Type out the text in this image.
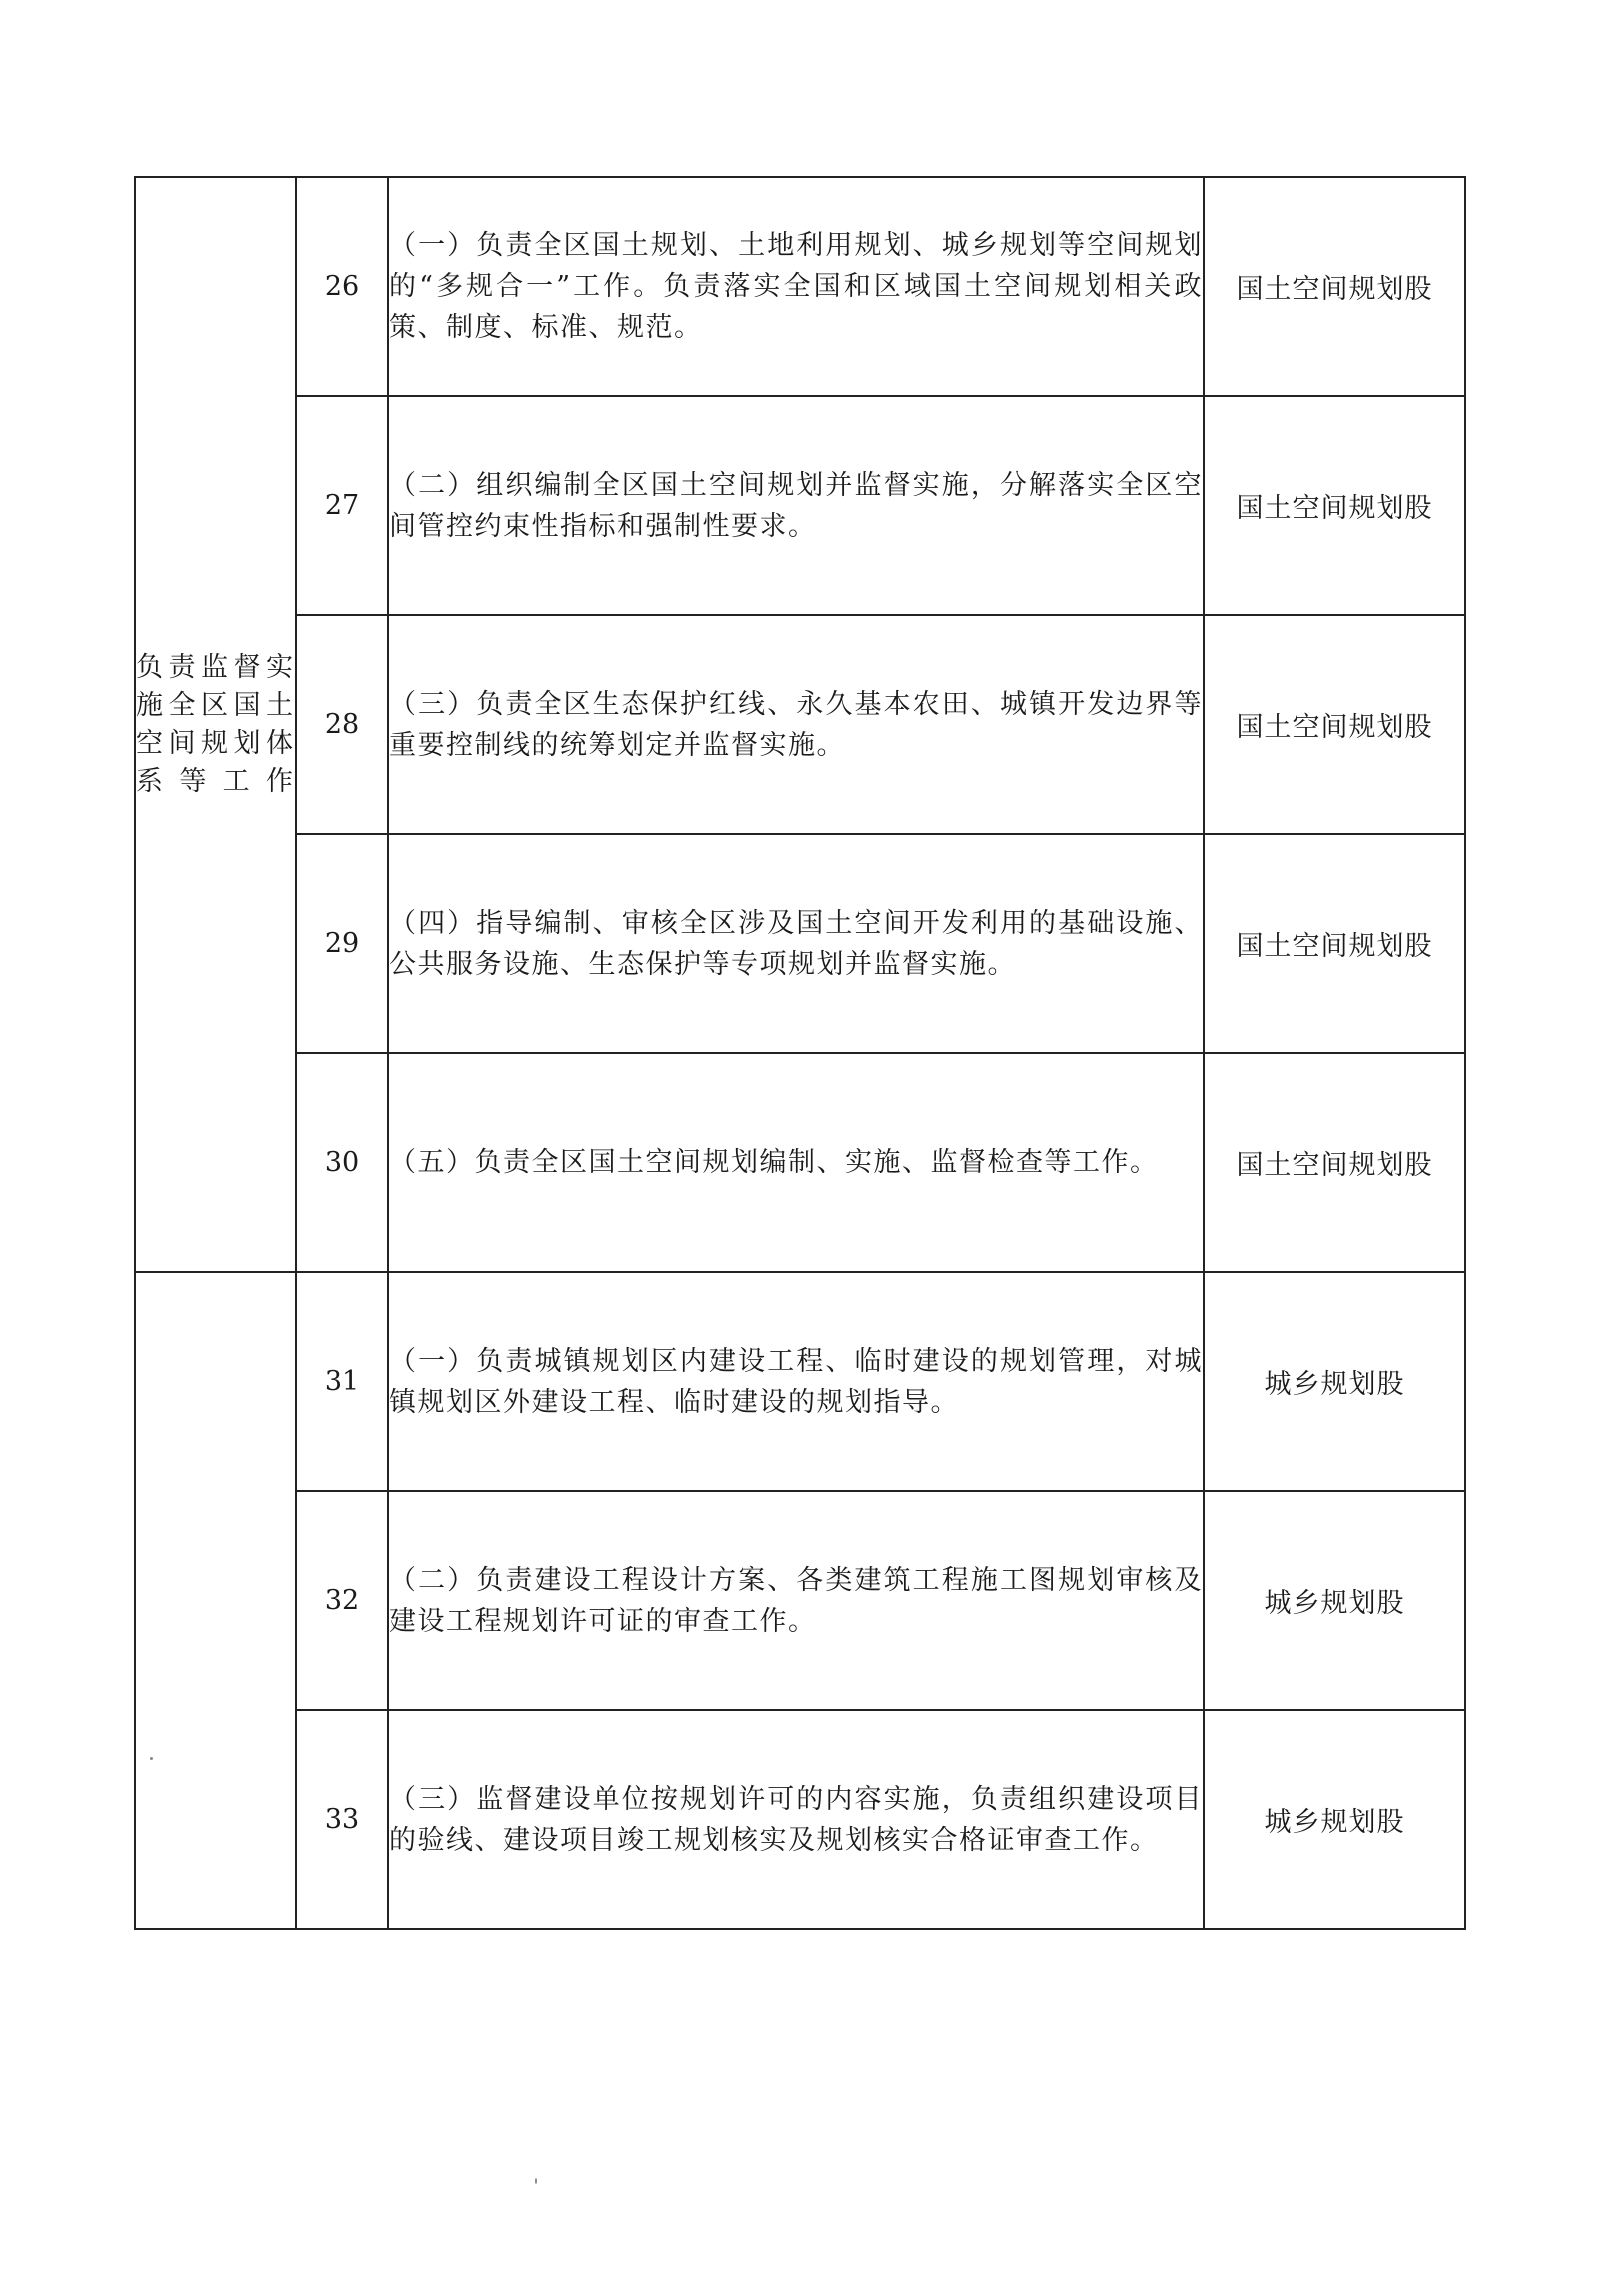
负责监督实施全区国土空间规划体系等工作	26	（一）负责全区国土规划、土地利用规划、城乡规划等空间规划的“多规合一”工作。负责落实全国和区域国土空间规划相关政策、制度、标准、规范。	国土空间规划股
	27	（二）组织编制全区国土空间规划并监督实施，分解落实全区空间管控约束性指标和强制性要求。	国土空间规划股
	28	（三）负责全区生态保护红线、永久基本农田、城镇开发边界等重要控制线的统筹划定并监督实施。	国土空间规划股
	29	（四）指导编制、审核全区涉及国土空间开发利用的基础设施、公共服务设施、生态保护等专项规划并监督实施。	国土空间规划股
	30	（五）负责全区国土空间规划编制、实施、监督检查等工作。	国土空间规划股

	31	（一）负责城镇规划区内建设工程、临时建设的规划管理，对城镇规划区外建设工程、临时建设的规划指导。	城乡规划股
	32	（二）负责建设工程设计方案、各类建筑工程施工图规划审核及建设工程规划许可证的审查工作。	城乡规划股
	33	（三）监督建设单位按规划许可的内容实施，负责组织建设项目的验线、建设项目竣工规划核实及规划核实合格证审查工作。	城乡规划股
